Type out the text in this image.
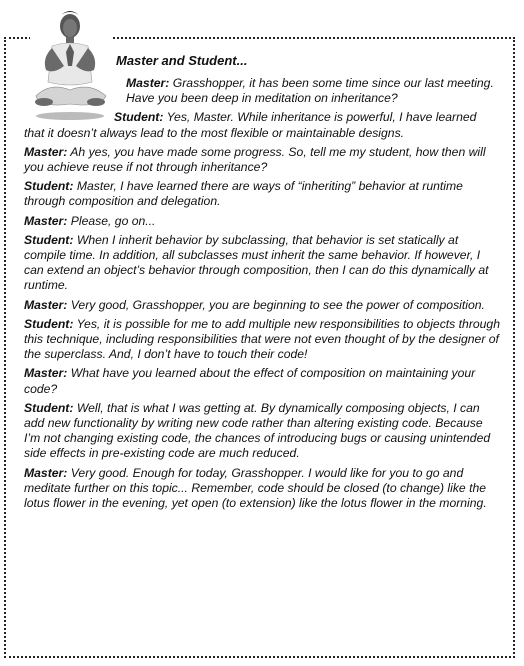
Master and Student...

Master: Grasshopper, it has been some time since our last meeting. Have you been deep in meditation on inheritance?

Student: Yes, Master. While inheritance is powerful, I have learned that it doesn’t always lead to the most flexible or maintainable designs.

Master: Ah yes, you have made some progress. So, tell me my student, how then will you achieve reuse if not through inheritance?

Student: Master, I have learned there are ways of “inheriting” behavior at runtime through composition and delegation.

Master: Please, go on...

Student: When I inherit behavior by subclassing, that behavior is set statically at compile time. In addition, all subclasses must inherit the same behavior. If however, I can extend an object’s behavior through composition, then I can do this dynamically at runtime.

Master: Very good, Grasshopper, you are beginning to see the power of composition.

Student: Yes, it is possible for me to add multiple new responsibilities to objects through this technique, including responsibilities that were not even thought of by the designer of the superclass. And, I don’t have to touch their code!

Master: What have you learned about the effect of composition on maintaining your code?

Student: Well, that is what I was getting at. By dynamically composing objects, I can add new functionality by writing new code rather than altering existing code. Because I’m not changing existing code, the chances of introducing bugs or causing unintended side effects in pre-existing code are much reduced.

Master: Very good. Enough for today, Grasshopper. I would like for you to go and meditate further on this topic... Remember, code should be closed (to change) like the lotus flower in the evening, yet open (to extension) like the lotus flower in the morning.
